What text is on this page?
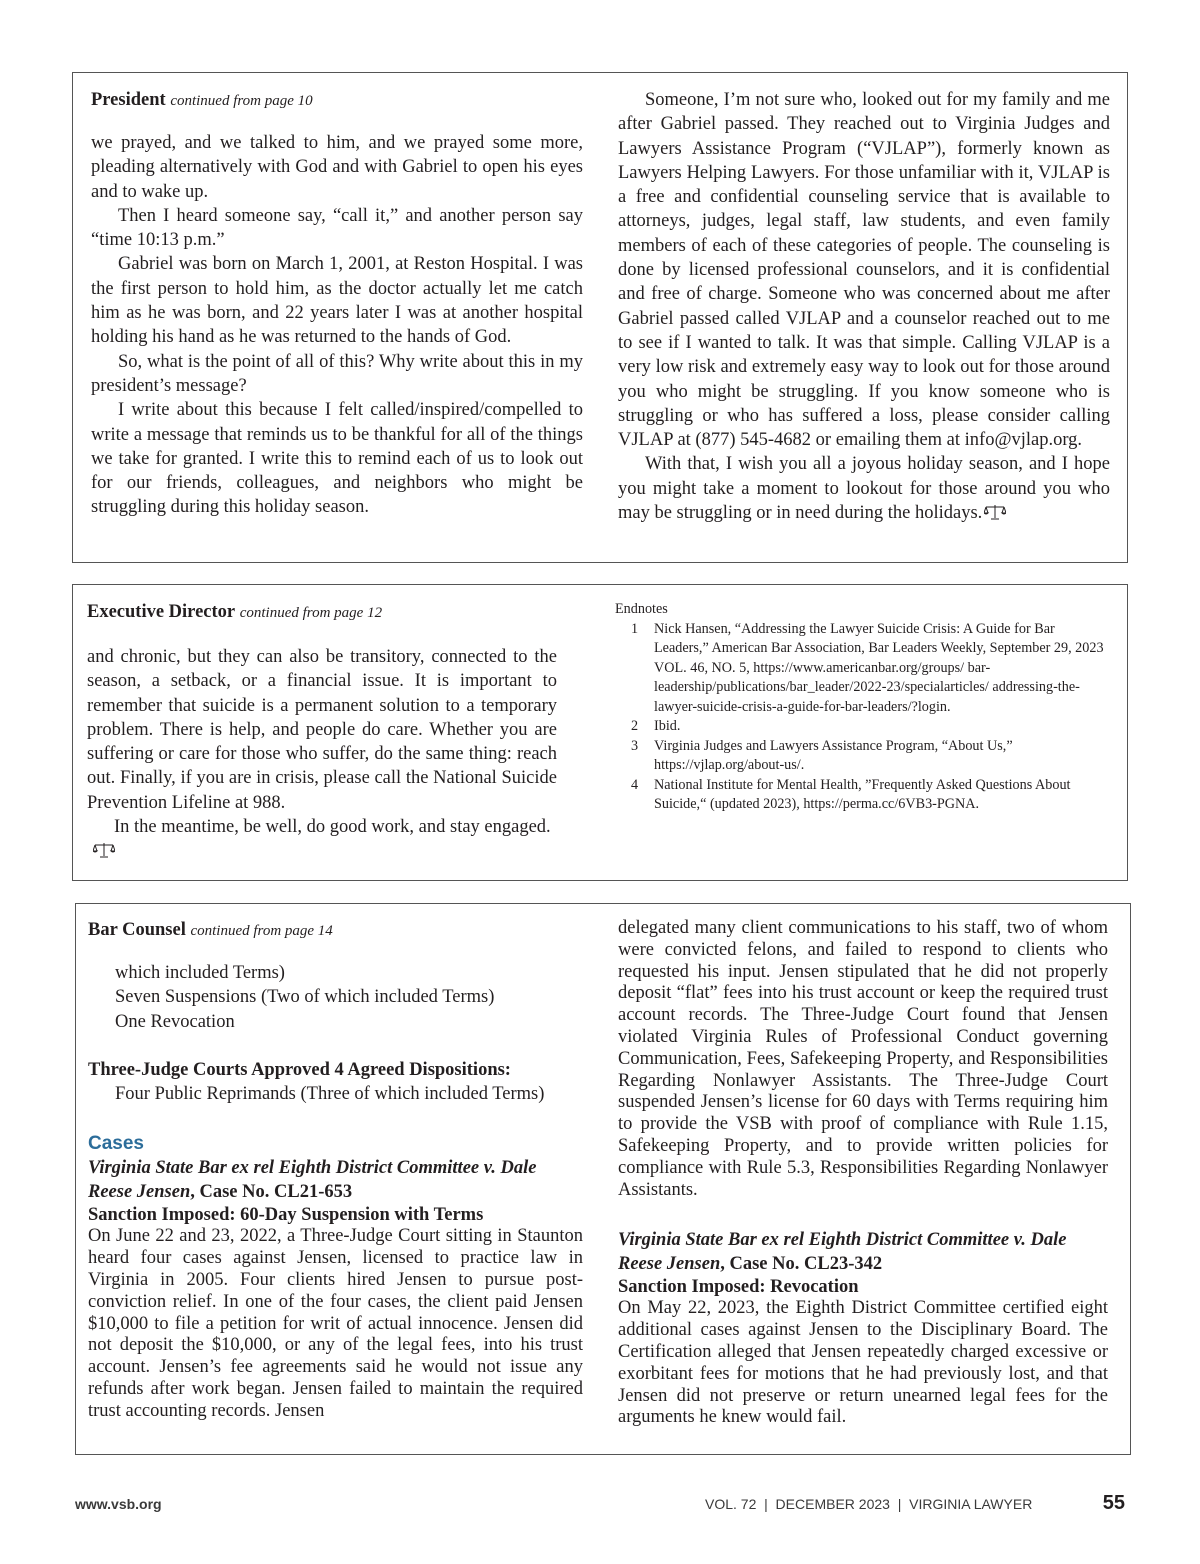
President continued from page 10

we prayed, and we talked to him, and we prayed some more, pleading alternatively with God and with Gabriel to open his eyes and to wake up.

Then I heard someone say, “call it,” and another person say “time 10:13 p.m.”

Gabriel was born on March 1, 2001, at Reston Hospital. I was the first person to hold him, as the doctor actually let me catch him as he was born, and 22 years later I was at another hospital holding his hand as he was returned to the hands of God.

So, what is the point of all of this? Why write about this in my president’s message?

I write about this because I felt called/inspired/compelled to write a message that reminds us to be thankful for all of the things we take for granted. I write this to remind each of us to look out for our friends, colleagues, and neighbors who might be struggling during this holiday season.

Someone, I’m not sure who, looked out for my family and me after Gabriel passed. They reached out to Virginia Judges and Lawyers Assistance Program (“VJLAP”), formerly known as Lawyers Helping Lawyers. For those unfamiliar with it, VJLAP is a free and confidential counseling service that is available to attorneys, judges, legal staff, law students, and even family members of each of these categories of people. The counseling is done by licensed professional counselors, and it is confidential and free of charge. Someone who was concerned about me after Gabriel passed called VJLAP and a counselor reached out to me to see if I wanted to talk. It was that simple. Calling VJLAP is a very low risk and extremely easy way to look out for those around you who might be struggling. If you know someone who is struggling or who has suffered a loss, please consider calling VJLAP at (877) 545-4682 or emailing them at info@vjlap.org.

With that, I wish you all a joyous holiday season, and I hope you might take a moment to lookout for those around you who may be struggling or in need during the holidays.

Executive Director continued from page 12

and chronic, but they can also be transitory, connected to the season, a setback, or a financial issue. It is important to remember that suicide is a permanent solution to a temporary problem. There is help, and people do care. Whether you are suffering or care for those who suffer, do the same thing: reach out. Finally, if you are in crisis, please call the National Suicide Prevention Lifeline at 988.

In the meantime, be well, do good work, and stay engaged.

Endnotes

1 Nick Hansen, “Addressing the Lawyer Suicide Crisis: A Guide for Bar Leaders,” American Bar Association, Bar Leaders Weekly, September 29, 2023 VOL. 46, NO. 5, https://www.americanbar.org/groups/ bar-leadership/publications/bar_leader/2022-23/specialarticles/ addressing-the-lawyer-suicide-crisis-a-guide-for-bar-leaders/?login.
2 Ibid.
3 Virginia Judges and Lawyers Assistance Program, “About Us,” https://vjlap.org/about-us/.
4 National Institute for Mental Health, ”Frequently Asked Questions About Suicide,“ (updated 2023), https://perma.cc/6VB3-PGNA.

Bar Counsel continued from page 14

which included Terms)

Seven Suspensions (Two of which included Terms)

One Revocation

Three-Judge Courts Approved 4 Agreed Dispositions:

Four Public Reprimands (Three of which included Terms)

Cases

Virginia State Bar ex rel Eighth District Committee v. Dale Reese Jensen, Case No. CL21-653

Sanction Imposed: 60-Day Suspension with Terms

On June 22 and 23, 2022, a Three-Judge Court sitting in Staunton heard four cases against Jensen, licensed to practice law in Virginia in 2005. Four clients hired Jensen to pursue post-conviction relief. In one of the four cases, the client paid Jensen $10,000 to file a petition for writ of actual innocence. Jensen did not deposit the $10,000, or any of the legal fees, into his trust account. Jensen’s fee agreements said he would not issue any refunds after work began. Jensen failed to maintain the required trust accounting records. Jensen

delegated many client communications to his staff, two of whom were convicted felons, and failed to respond to clients who requested his input. Jensen stipulated that he did not properly deposit “flat” fees into his trust account or keep the required trust account records. The Three-Judge Court found that Jensen violated Virginia Rules of Professional Conduct governing Communication, Fees, Safekeeping Property, and Responsibilities Regarding Nonlawyer Assistants. The Three-Judge Court suspended Jensen’s license for 60 days with Terms requiring him to provide the VSB with proof of compliance with Rule 1.15, Safekeeping Property, and to provide written policies for compliance with Rule 5.3, Responsibilities Regarding Nonlawyer Assistants.

Virginia State Bar ex rel Eighth District Committee v. Dale Reese Jensen, Case No. CL23-342

Sanction Imposed: Revocation

On May 22, 2023, the Eighth District Committee certified eight additional cases against Jensen to the Disciplinary Board. The Certification alleged that Jensen repeatedly charged excessive or exorbitant fees for motions that he had previously lost, and that Jensen did not preserve or return unearned legal fees for the arguments he knew would fail.

www.vsb.org	VOL. 72  |  DECEMBER 2023  |  VIRGINIA LAWYER	55
